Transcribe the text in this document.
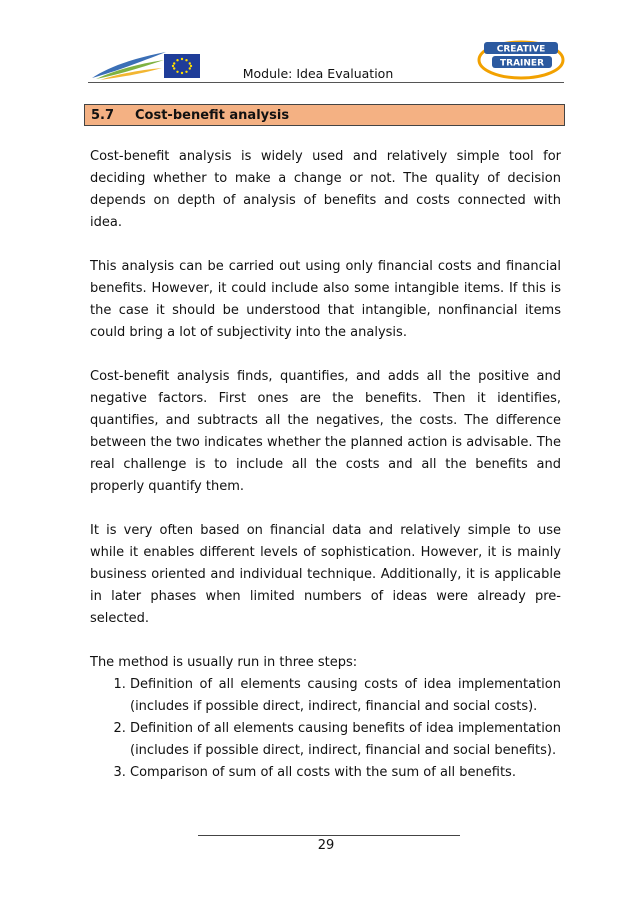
CREATIVE
TRAINER
Module: Idea Evaluation
5.7	Cost-benefit analysis

Cost-benefit analysis is widely used and relatively simple tool for deciding whether to make a change or not. The quality of decision depends on depth of analysis of benefits and costs connected with idea.

This analysis can be carried out using only financial costs and financial benefits. However, it could include also some intangible items. If this is the case it should be understood that intangible, nonfinancial items could bring a lot of subjectivity into the analysis.

Cost-benefit analysis finds, quantifies, and adds all the positive and negative factors. First ones are the benefits. Then it identifies, quantifies, and subtracts all the negatives, the costs. The difference between the two indicates whether the planned action is advisable. The real challenge is to include all the costs and all the benefits and properly quantify them.

It is very often based on financial data and relatively simple to use while it enables different levels of sophistication. However, it is mainly business oriented and individual technique. Additionally, it is applicable in later phases when limited numbers of ideas were already pre-selected.

The method is usually run in three steps:
1. Definition of all elements causing costs of idea implementation (includes if possible direct, indirect, financial and social costs).
2. Definition of all elements causing benefits of idea implementation (includes if possible direct, indirect, financial and social benefits).
3. Comparison of sum of all costs with the sum of all benefits.
29
